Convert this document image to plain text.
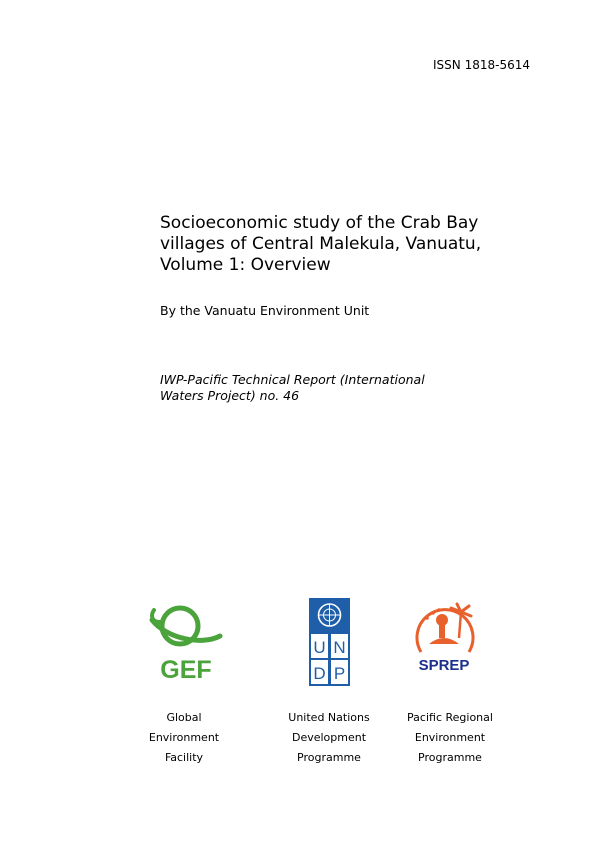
ISSN 1818-5614
Socioeconomic study of the Crab Bay
villages of Central Malekula, Vanuatu,
Volume 1: Overview
By the Vanuatu Environment Unit
IWP-Pacific Technical Report (International
Waters Project) no. 46
GEF
U N
D P	SPREP
Global
Environment
Facility
United Nations
Development
Programme
Pacific Regional
Environment
Programme
